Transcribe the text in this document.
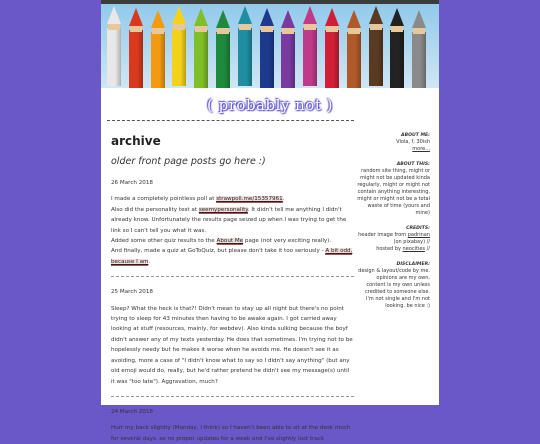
( probably not )
archive
older front page posts go here :)
26 March 2018

I made a completely pointless poll at strawpoll.me/15357961.

Also did the personality test at seemypersonality. It didn't tell me anything I didn't already know. Unfortunately the results page seized up when I was trying to get the link so I can't tell you what it was.

Added some other quiz results to the About Me page (not very exciting really).

And finally, made a quiz at GoToQuiz, but please don't take it too seriously - A bit odd, because I am.

25 March 2018

Sleep? What the heck is that?! Didn't mean to stay up all night but there's no point trying to sleep for 43 minutes then having to be awake again. I got carried away looking at stuff (resources, mainly, for webdev). Also kinda sulking because the boyf didn't answer any of my texts yesterday. He does that sometimes. I'm trying not to be hopelessly needy but he makes it worse when he avoids me. He doesn't see it as avoiding, more a case of "I didn't know what to say so I didn't say anything" (but any old emoji would do, really, but he'd rather pretend he didn't see my message(s) until it was "too late"). Aggravation, much?

24 March 2018

Hurt my back slightly (Monday, I think) so I haven't been able to sit at the desk much for several days, so no proper updates for a week and I've slightly lost track

ABOUT ME:
Viola, f, 30ish
more...
ABOUT THIS:
random site thing, might or might not be updated kinda regularly, might or might not contain anything interesting, might or might not be a total waste of time (yours and mine)
CREDITS:
header image from padrinan (on pixabay) //
hosted by neocities //
DISCLAIMER:
design & layout/code by me. opinions are my own, content is my own unless credited to someone else. I'm not single and I'm not looking. be nice :)
